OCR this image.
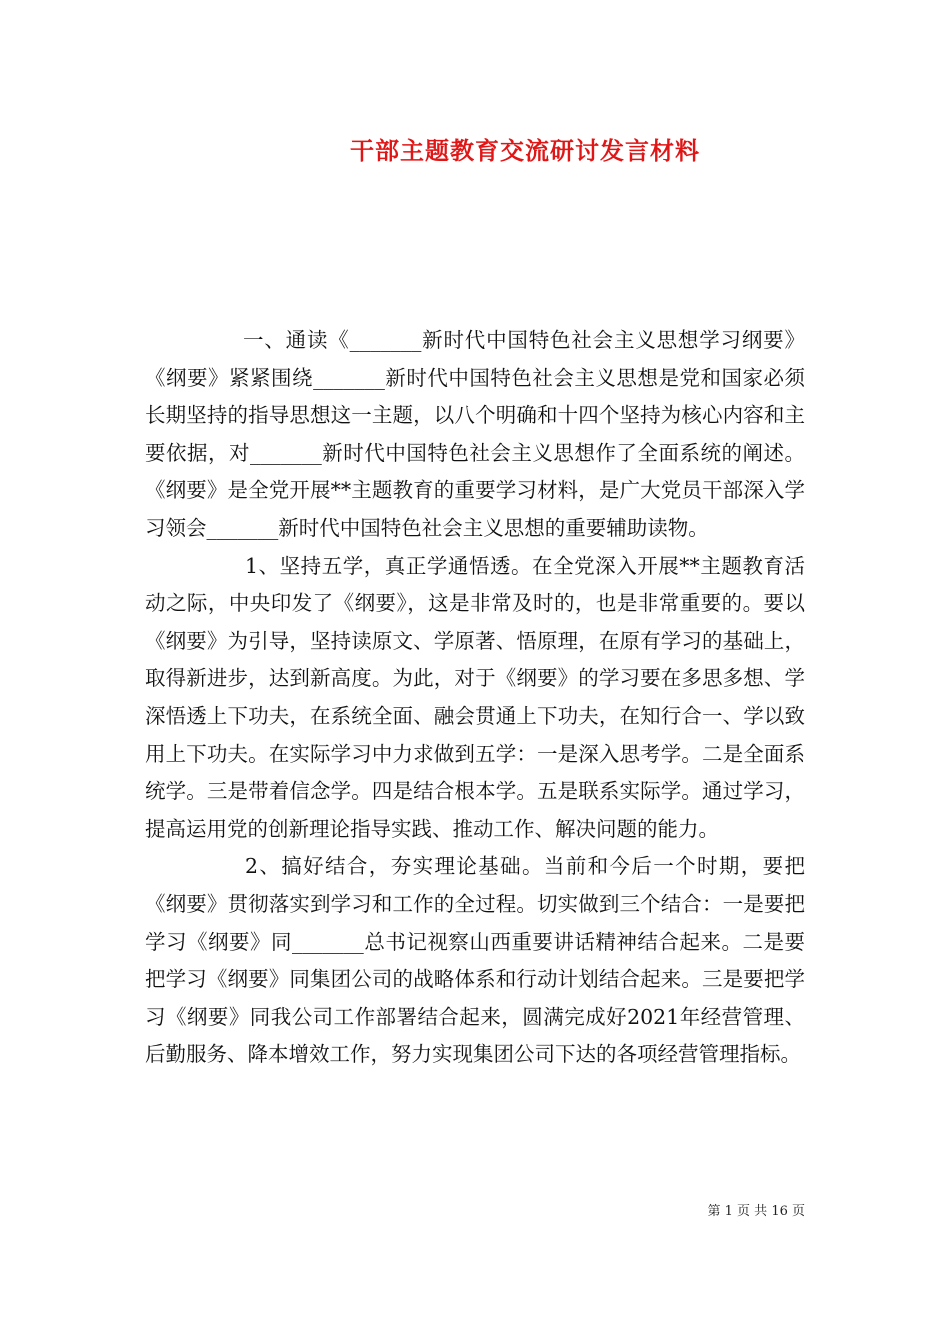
干部主题教育交流研讨发言材料

一、通读《_______新时代中国特色社会主义思想学习纲要》《纲要》紧紧围绕_______新时代中国特色社会主义思想是党和国家必须长期坚持的指导思想这一主题，以八个明确和十四个坚持为核心内容和主要依据，对_______新时代中国特色社会主义思想作了全面系统的阐述。《纲要》是全党开展**主题教育的重要学习材料，是广大党员干部深入学习领会_______新时代中国特色社会主义思想的重要辅助读物。

1、坚持五学，真正学通悟透。在全党深入开展**主题教育活动之际，中央印发了《纲要》，这是非常及时的，也是非常重要的。要以《纲要》为引导，坚持读原文、学原著、悟原理，在原有学习的基础上，取得新进步，达到新高度。为此，对于《纲要》的学习要在多思多想、学深悟透上下功夫，在系统全面、融会贯通上下功夫，在知行合一、学以致用上下功夫。在实际学习中力求做到五学：一是深入思考学。二是全面系统学。三是带着信念学。四是结合根本学。五是联系实际学。通过学习，提高运用党的创新理论指导实践、推动工作、解决问题的能力。

2、搞好结合，夯实理论基础。当前和今后一个时期，要把《纲要》贯彻落实到学习和工作的全过程。切实做到三个结合：一是要把学习《纲要》同_______总书记视察山西重要讲话精神结合起来。二是要把学习《纲要》同集团公司的战略体系和行动计划结合起来。三是要把学习《纲要》同我公司工作部署结合起来，圆满完成好2021年经营管理、后勤服务、降本增效工作，努力实现集团公司下达的各项经营管理指标。

第 1 页 共 16 页
